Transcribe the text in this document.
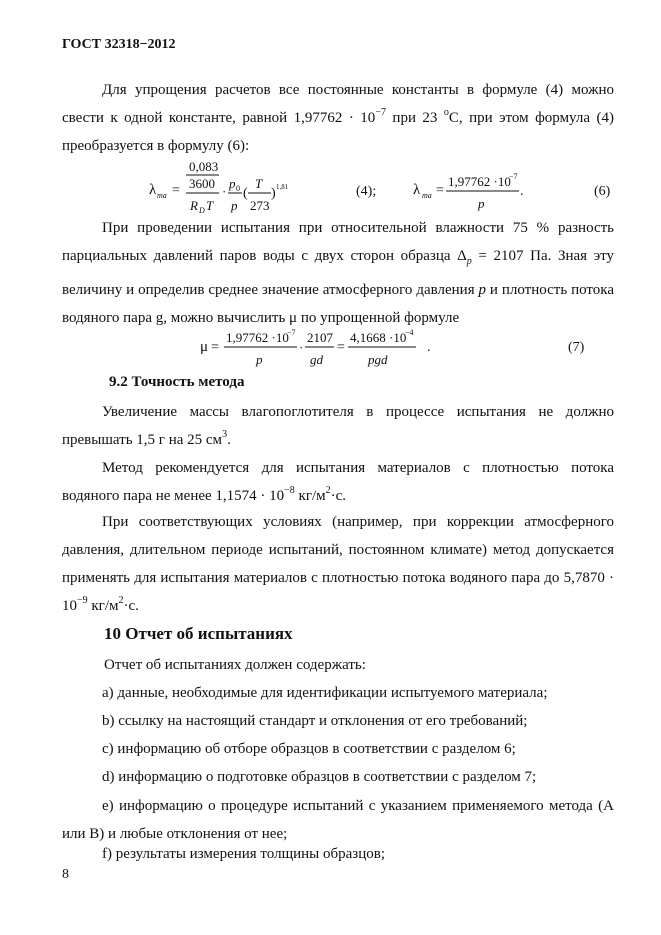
ГОСТ 32318−2012
Для упрощения расчетов все постоянные константы в формуле (4) можно свести к одной константе, равной $1,97762 \cdot 10^{-7}$ при 23 $^о$С, при этом формула (4) преобразуется в формулу (6):
λ ma =
0,083
3600
R D T
·
p 0
p
(
T
273
) 1,81	(4); λ ma =
1,97762 ·10
−7
p
.	(6)
При проведении испытания при относительной влажности 75 % разность парциальных давлений паров воды с двух сторон образца $\Delta_p = 2107$ Па. Зная эту величину и определив среднее значение атмосферного давления p и плотность потока водяного пара g, можно вычислить μ по упрощенной формуле
μ =
1,97762 ·10
−7
p
·
2107
gd
=
4,1668 ·10
−4
pgd
.	(7)
9.2 Точность метода
Увеличение массы влагопоглотителя в процессе испытания не должно превышать 1,5 г на 25 $см^3$.
Метод рекомендуется для испытания материалов с плотностью потока водяного пара не менее $1,1574 \cdot 10^{-8}$ $кг/м^2\cdot с$.
При соответствующих условиях (например, при коррекции атмосферного давления, длительном периоде испытаний, постоянном климате) метод допускается применять для испытания материалов с плотностью потока водяного пара до $5,7870 \cdot 10^{-9}$ $кг/м^2\cdot с$.
10 Отчет об испытаниях
Отчет об испытаниях должен содержать:
а) данные, необходимые для идентификации испытуемого материала;
b) ссылку на настоящий стандарт и отклонения от его требований;
c) информацию об отборе образцов в соответствии с разделом 6;
d) информацию о подготовке образцов в соответствии с разделом 7;
e) информацию о процедуре испытаний с указанием применяемого метода (A или B) и любые отклонения от нее;
f) результаты измерения толщины образцов;
8
